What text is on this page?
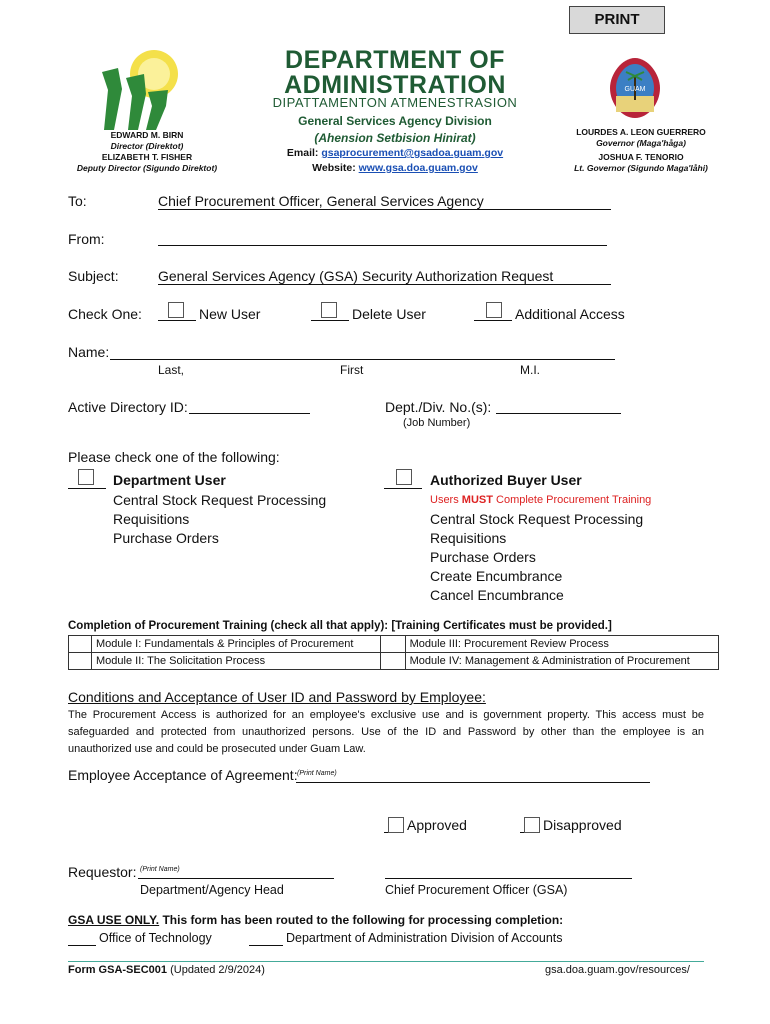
PRINT
DEPARTMENT OF
ADMINISTRATION
DIPATTAMENTON ATMENESTRASION
General Services Agency Division
(Ahension Setbision Hinirat)
Email: gsaprocurement@gsadoa.guam.gov
Website: www.gsa.doa.guam.gov
EDWARD M. BIRN
Director (Direktot)
ELIZABETH T. FISHER
Deputy Director (Sigundo Direktot)
GUAM
LOURDES A. LEON GUERRERO
Governor (Maga'håga)
JOSHUA F. TENORIO
Lt. Governor (Sigundo Maga'låhi)
To:	Chief Procurement Officer, General Services Agency
From:
Subject:	General Services Agency (GSA) Security Authorization Request
Check One:	New User	Delete User	Additional Access
Name:
Last,	First	M.I.
Active Directory ID:	Dept./Div. No.(s):
(Job Number)
Please check one of the following:
Department User
Central Stock Request Processing
Requisitions
Purchase Orders
Authorized Buyer User
Users MUST Complete Procurement Training
Central Stock Request Processing
Requisitions
Purchase Orders
Create Encumbrance
Cancel Encumbrance
Completion of Procurement Training (check all that apply): [Training Certificates must be provided.]
	Module I: Fundamentals & Principles of Procurement		Module III: Procurement Review Process
	Module II: The Solicitation Process		Module IV: Management & Administration of Procurement
Conditions and Acceptance of User ID and Password by Employee:
The Procurement Access is authorized for an employee's exclusive use and is government property. This access must be safeguarded and protected from unauthorized persons. Use of the ID and Password by other than the employee is an unauthorized use and could be prosecuted under Guam Law.
Employee Acceptance of Agreement: (Print Name)
Approved	Disapproved
Requestor: (Print Name)
Department/Agency Head	Chief Procurement Officer (GSA)
GSA USE ONLY. This form has been routed to the following for processing completion:
Office of Technology	Department of Administration Division of Accounts
Form GSA-SEC001 (Updated 2/9/2024)	gsa.doa.guam.gov/resources/
